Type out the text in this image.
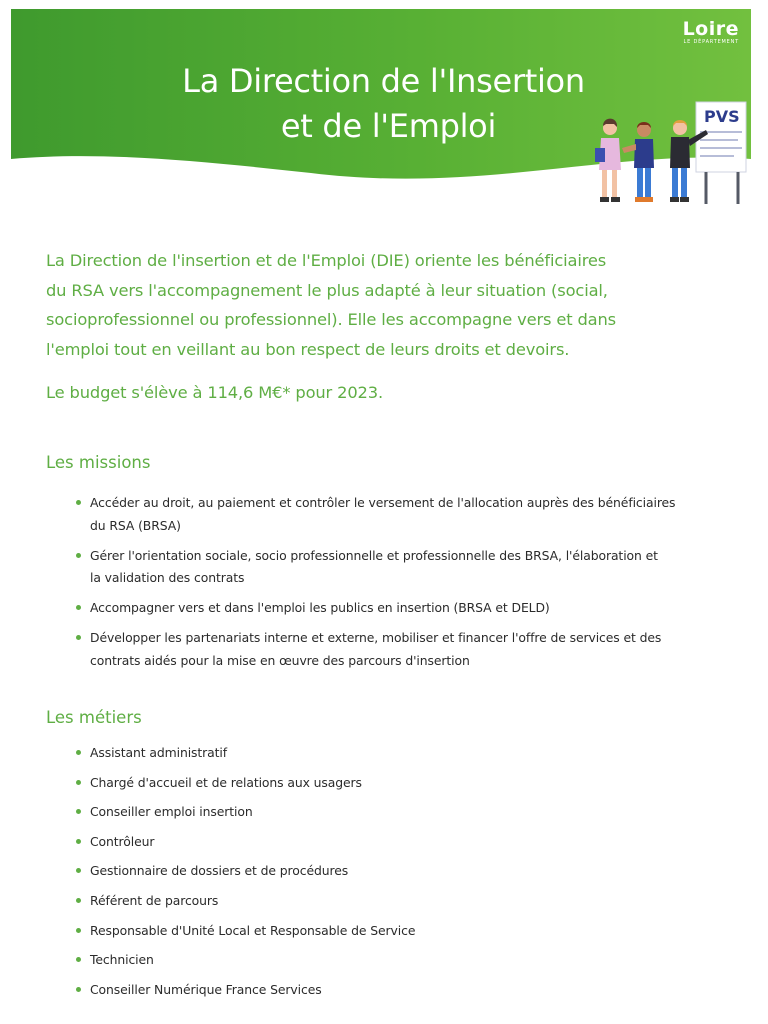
La Direction de l'Insertion
et de l'Emploi
Loire
LE DÉPARTEMENT
PVS

La Direction de l'insertion et de l'Emploi (DIE) oriente les bénéficiaires
du RSA vers l'accompagnement le plus adapté à leur situation (social,
socioprofessionnel ou professionnel). Elle les accompagne vers et dans
l'emploi tout en veillant au bon respect de leurs droits et devoirs.

Le budget s'élève à 114,6 M€* pour 2023.

Les missions
Accéder au droit, au paiement et contrôler le versement de l'allocation auprès des bénéficiaires
du RSA (BRSA)
Gérer l'orientation sociale, socio professionnelle et professionnelle des BRSA, l'élaboration et
la validation des contrats
Accompagner vers et dans l'emploi les publics en insertion (BRSA et DELD)
Développer les partenariats interne et externe, mobiliser et financer l'offre de services et des
contrats aidés pour la mise en œuvre des parcours d'insertion
Les métiers
Assistant administratif
Chargé d'accueil et de relations aux usagers
Conseiller emploi insertion
Contrôleur
Gestionnaire de dossiers et de procédures
Référent de parcours
Responsable d'Unité Local et Responsable de Service
Technicien
Conseiller Numérique France Services
